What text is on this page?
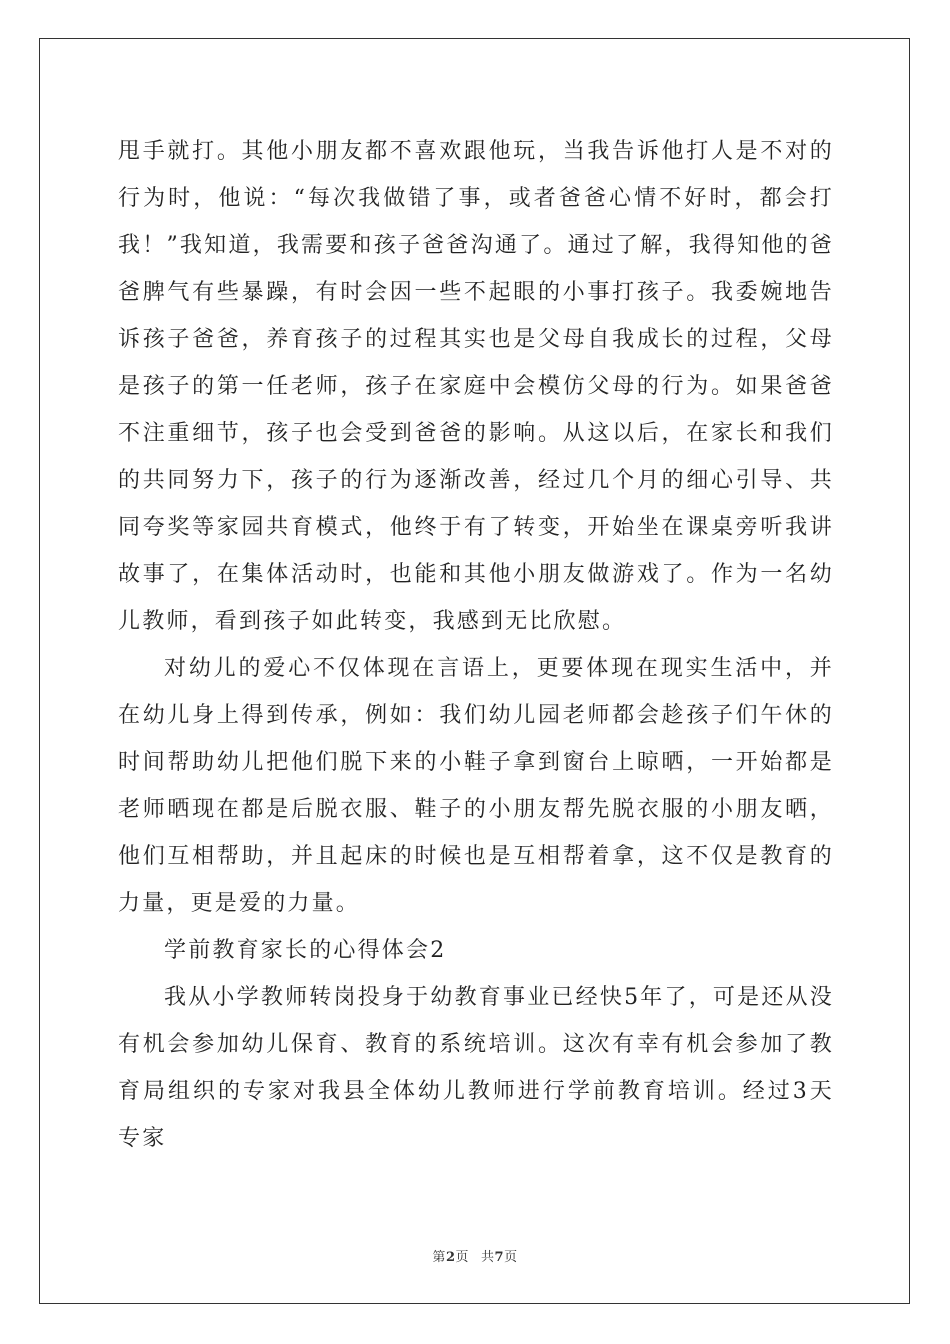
甩手就打。其他小朋友都不喜欢跟他玩，当我告诉他打人是不对的行为时，他说：“每次我做错了事，或者爸爸心情不好时，都会打我！”我知道，我需要和孩子爸爸沟通了。通过了解，我得知他的爸爸脾气有些暴躁，有时会因一些不起眼的小事打孩子。我委婉地告诉孩子爸爸，养育孩子的过程其实也是父母自我成长的过程，父母是孩子的第一任老师，孩子在家庭中会模仿父母的行为。如果爸爸不注重细节，孩子也会受到爸爸的影响。从这以后，在家长和我们的共同努力下，孩子的行为逐渐改善，经过几个月的细心引导、共同夸奖等家园共育模式，他终于有了转变，开始坐在课桌旁听我讲故事了，在集体活动时，也能和其他小朋友做游戏了。作为一名幼儿教师，看到孩子如此转变，我感到无比欣慰。

对幼儿的爱心不仅体现在言语上，更要体现在现实生活中，并在幼儿身上得到传承，例如：我们幼儿园老师都会趁孩子们午休的时间帮助幼儿把他们脱下来的小鞋子拿到窗台上晾晒，一开始都是老师晒现在都是后脱衣服、鞋子的小朋友帮先脱衣服的小朋友晒，他们互相帮助，并且起床的时候也是互相帮着拿，这不仅是教育的力量，更是爱的力量。

学前教育家长的心得体会2

我从小学教师转岗投身于幼教育事业已经快5年了，可是还从没有机会参加幼儿保育、教育的系统培训。这次有幸有机会参加了教育局组织的专家对我县全体幼儿教师进行学前教育培训。经过3天专家

第2页 共7页
